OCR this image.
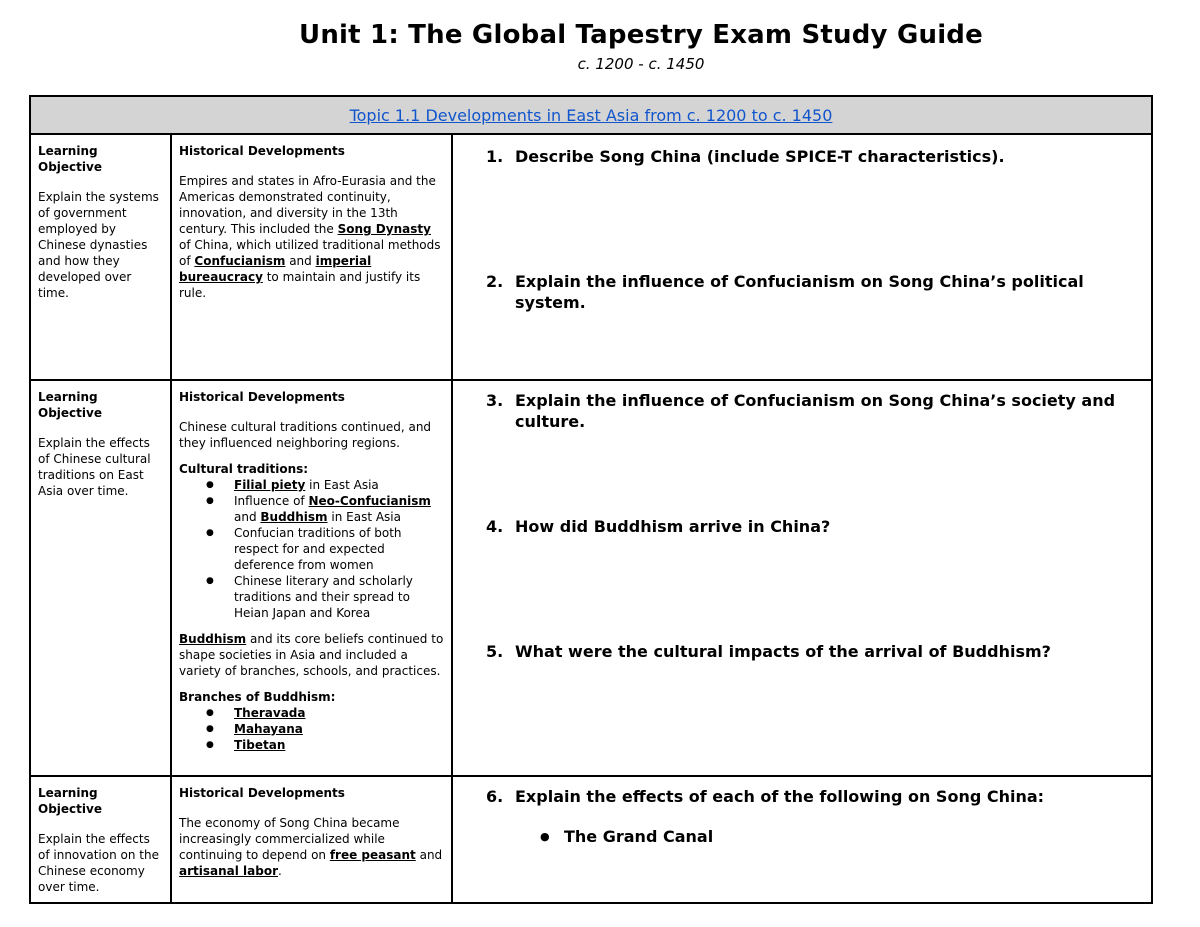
Unit 1: The Global Tapestry Exam Study Guide
c. 1200 - c. 1450
Topic 1.1 Developments in East Asia from c. 1200 to c. 1450
Learning Objective
Explain the systems of government employed by Chinese dynasties and how they developed over time.
Historical Developments
Empires and states in Afro-Eurasia and the Americas demonstrated continuity, innovation, and diversity in the 13th century. This included the Song Dynasty of China, which utilized traditional methods of Confucianism and imperial bureaucracy to maintain and justify its rule.
1. Describe Song China (include SPICE-T characteristics).
2. Explain the influence of Confucianism on Song China’s political system.
Learning Objective
Explain the effects of Chinese cultural traditions on East Asia over time.
Historical Developments
Chinese cultural traditions continued, and they influenced neighboring regions.
Cultural traditions:
● Filial piety in East Asia
● Influence of Neo-Confucianism and Buddhism in East Asia
● Confucian traditions of both respect for and expected deference from women
● Chinese literary and scholarly traditions and their spread to Heian Japan and Korea
Buddhism and its core beliefs continued to shape societies in Asia and included a variety of branches, schools, and practices.
Branches of Buddhism:
● Theravada
● Mahayana
● Tibetan
3. Explain the influence of Confucianism on Song China’s society and culture.
4. How did Buddhism arrive in China?
5. What were the cultural impacts of the arrival of Buddhism?
Learning Objective
Explain the effects of innovation on the Chinese economy over time.
Historical Developments
The economy of Song China became increasingly commercialized while continuing to depend on free peasant and artisanal labor.
6. Explain the effects of each of the following on Song China:
● The Grand Canal
